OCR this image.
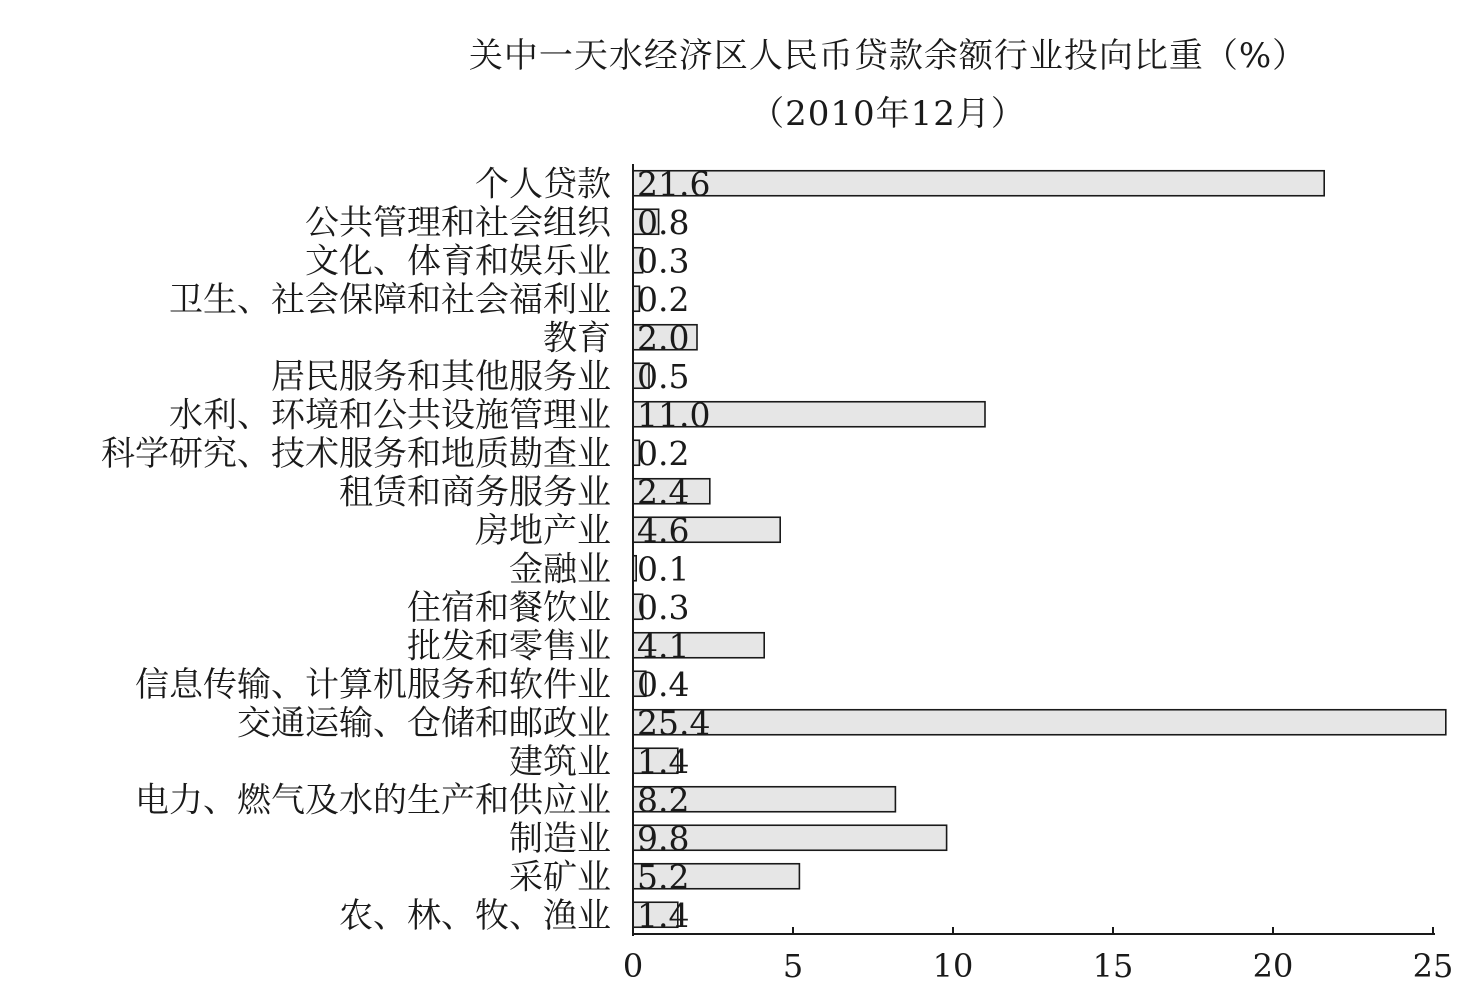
关中一天水经济区人民币贷款余额行业投向比重（%）
（2010年12月）
个人贷款 21.6
公共管理和社会组织 0.8
文化、体育和娱乐业 0.3
卫生、社会保障和社会福利业 0.2
教育 2.0
居民服务和其他服务业 0.5
水利、环境和公共设施管理业 11.0
科学研究、技术服务和地质勘查业 0.2
租赁和商务服务业 2.4
房地产业 4.6
金融业 0.1
住宿和餐饮业 0.3
批发和零售业 4.1
信息传输、计算机服务和软件业 0.4
交通运输、仓储和邮政业 25.4
建筑业 1.4
电力、燃气及水的生产和供应业 8.2
制造业 9.8
采矿业 5.2
农、林、牧、渔业 1.4
0	5	10	15	20	25
